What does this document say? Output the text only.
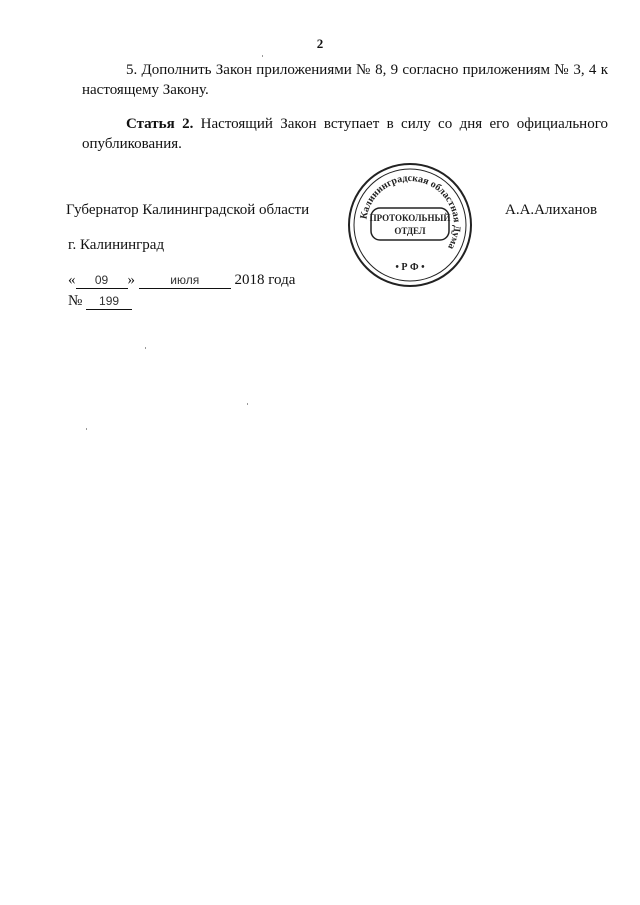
2
5. Дополнить Закон приложениями № 8, 9 согласно приложениям № 3, 4 к настоящему Закону.
Статья 2. Настоящий Закон вступает в силу со дня его официального опубликования.
Губернатор Калининградской области	А.А.Алиханов
г. Калининград
« 09 »	июля 2018 года
№ 199
Калининградская областная Дума
ПРОТОКОЛЬНЫЙ
ОТДЕЛ
• Р Ф •
